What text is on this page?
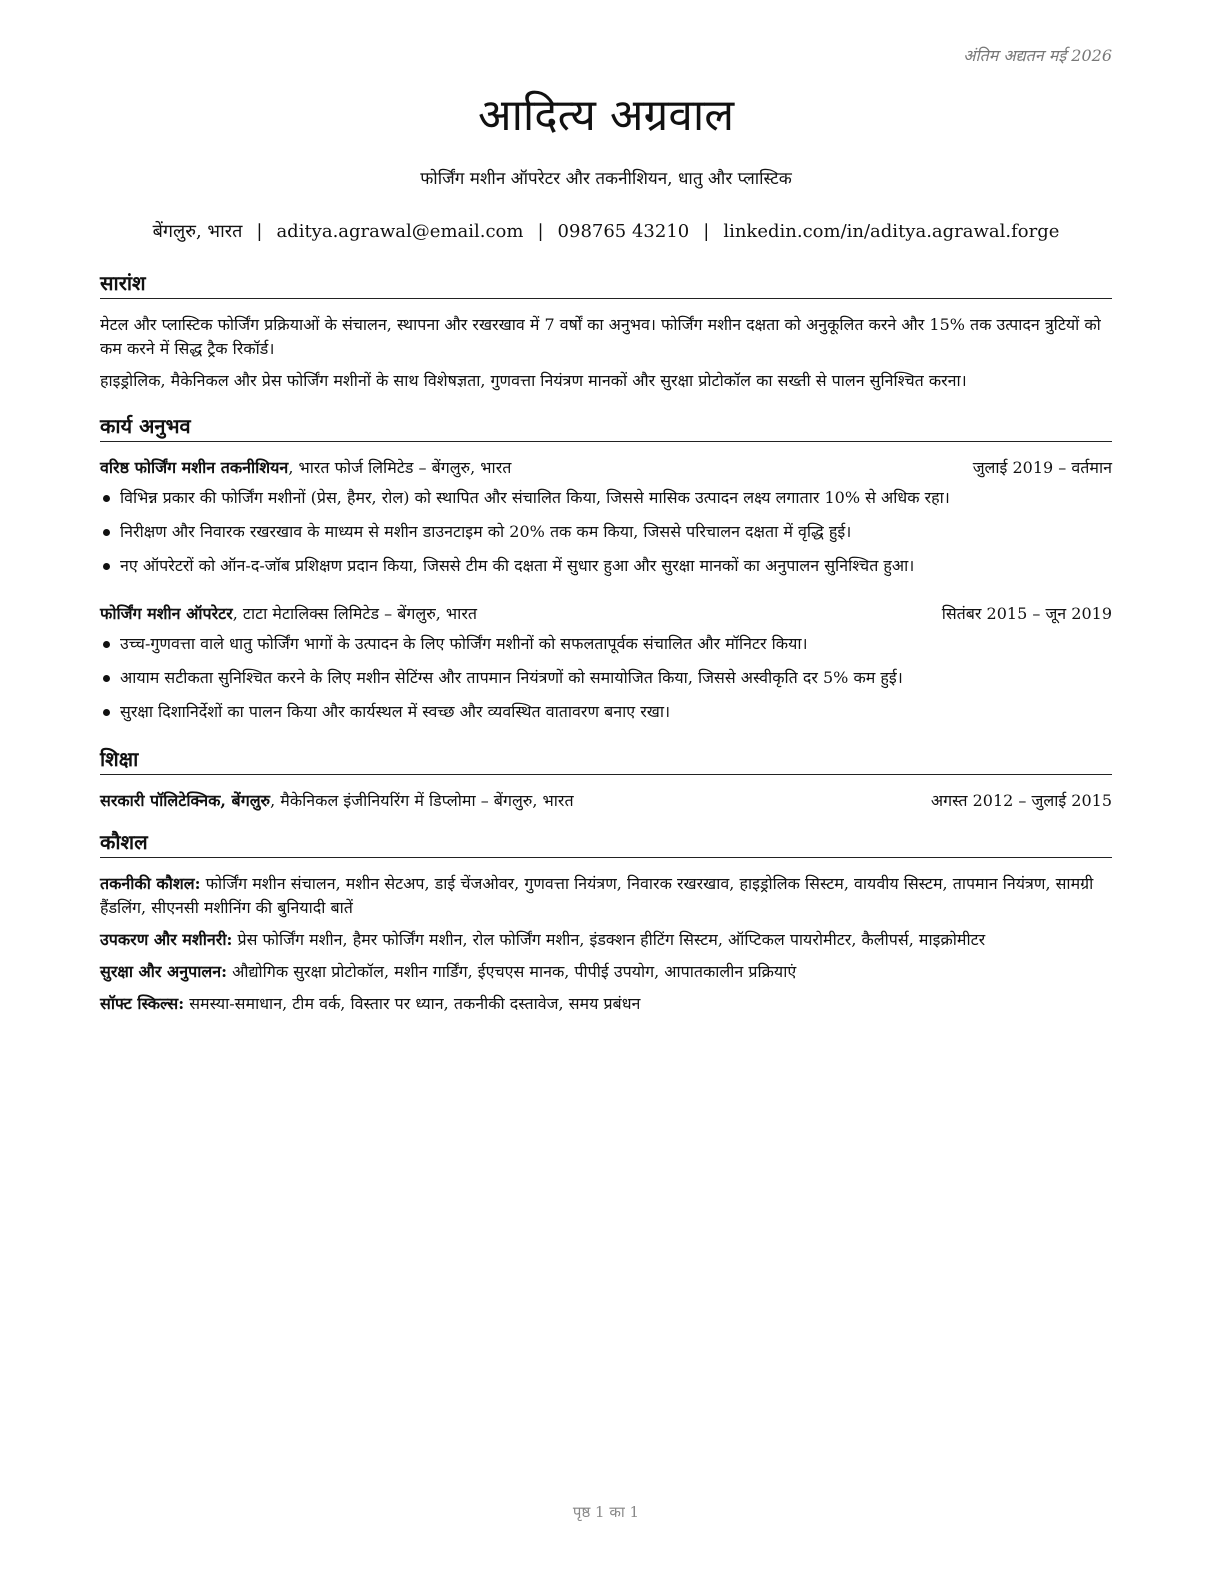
अंतिम अद्यतन मई 2026
आदित्य अग्रवाल
फोर्जिंग मशीन ऑपरेटर और तकनीशियन, धातु और प्लास्टिक
बेंगलुरु, भारत | aditya.agrawal@email.com | 098765 43210 | linkedin.com/in/aditya.agrawal.forge
सारांश

मेटल और प्लास्टिक फोर्जिंग प्रक्रियाओं के संचालन, स्थापना और रखरखाव में 7 वर्षों का अनुभव। फोर्जिंग मशीन दक्षता को अनुकूलित करने और 15% तक उत्पादन त्रुटियों को कम करने में सिद्ध ट्रैक रिकॉर्ड।

हाइड्रोलिक, मैकेनिकल और प्रेस फोर्जिंग मशीनों के साथ विशेषज्ञता, गुणवत्ता नियंत्रण मानकों और सुरक्षा प्रोटोकॉल का सख्ती से पालन सुनिश्चित करना।

कार्य अनुभव
वरिष्ठ फोर्जिंग मशीन तकनीशियन, भारत फोर्ज लिमिटेड – बेंगलुरु, भारत	जुलाई 2019 – वर्तमान
विभिन्न प्रकार की फोर्जिंग मशीनों (प्रेस, हैमर, रोल) को स्थापित और संचालित किया, जिससे मासिक उत्पादन लक्ष्य लगातार 10% से अधिक रहा।
निरीक्षण और निवारक रखरखाव के माध्यम से मशीन डाउनटाइम को 20% तक कम किया, जिससे परिचालन दक्षता में वृद्धि हुई।
नए ऑपरेटरों को ऑन-द-जॉब प्रशिक्षण प्रदान किया, जिससे टीम की दक्षता में सुधार हुआ और सुरक्षा मानकों का अनुपालन सुनिश्चित हुआ।
फोर्जिंग मशीन ऑपरेटर, टाटा मेटालिक्स लिमिटेड – बेंगलुरु, भारत	सितंबर 2015 – जून 2019
उच्च-गुणवत्ता वाले धातु फोर्जिंग भागों के उत्पादन के लिए फोर्जिंग मशीनों को सफलतापूर्वक संचालित और मॉनिटर किया।
आयाम सटीकता सुनिश्चित करने के लिए मशीन सेटिंग्स और तापमान नियंत्रणों को समायोजित किया, जिससे अस्वीकृति दर 5% कम हुई।
सुरक्षा दिशानिर्देशों का पालन किया और कार्यस्थल में स्वच्छ और व्यवस्थित वातावरण बनाए रखा।
शिक्षा
सरकारी पॉलिटेक्निक, बेंगलुरु, मैकेनिकल इंजीनियरिंग में डिप्लोमा – बेंगलुरु, भारत	अगस्त 2012 – जुलाई 2015
कौशल

तकनीकी कौशल: फोर्जिंग मशीन संचालन, मशीन सेटअप, डाई चेंजओवर, गुणवत्ता नियंत्रण, निवारक रखरखाव, हाइड्रोलिक सिस्टम, वायवीय सिस्टम, तापमान नियंत्रण, सामग्री हैंडलिंग, सीएनसी मशीनिंग की बुनियादी बातें

उपकरण और मशीनरी: प्रेस फोर्जिंग मशीन, हैमर फोर्जिंग मशीन, रोल फोर्जिंग मशीन, इंडक्शन हीटिंग सिस्टम, ऑप्टिकल पायरोमीटर, कैलीपर्स, माइक्रोमीटर

सुरक्षा और अनुपालन: औद्योगिक सुरक्षा प्रोटोकॉल, मशीन गार्डिंग, ईएचएस मानक, पीपीई उपयोग, आपातकालीन प्रक्रियाएं

सॉफ्ट स्किल्स: समस्या-समाधान, टीम वर्क, विस्तार पर ध्यान, तकनीकी दस्तावेज, समय प्रबंधन

पृष्ठ 1 का 1
